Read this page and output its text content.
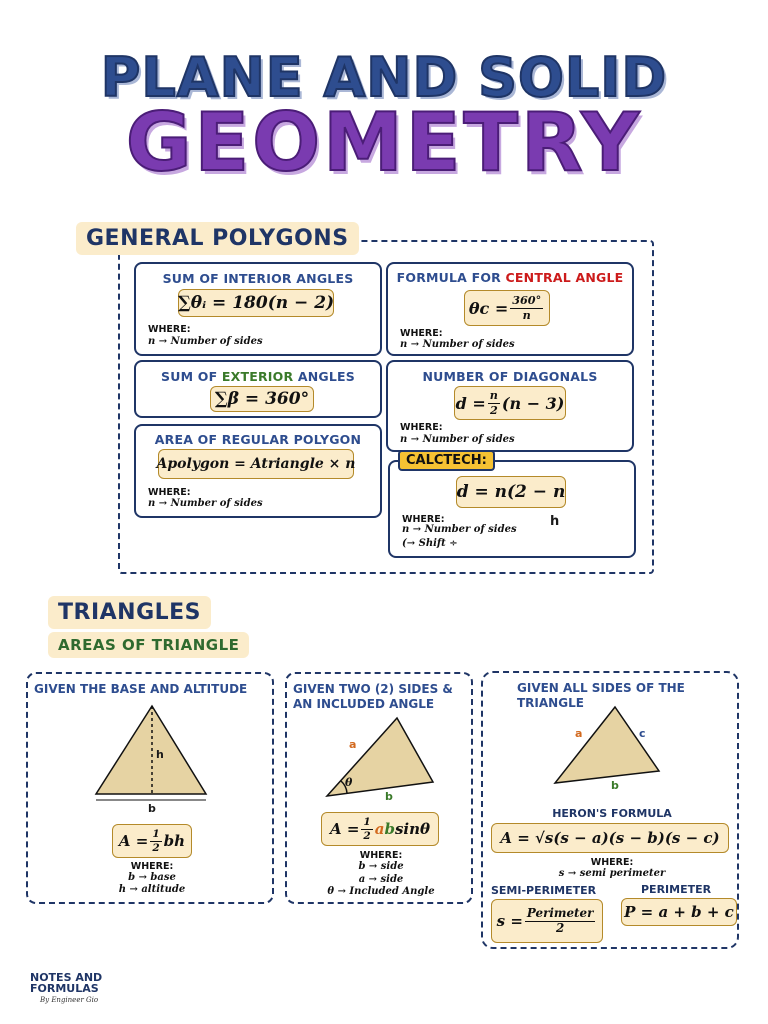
PLANE AND SOLID
GEOMETRY
GENERAL POLYGONS
SUM OF INTERIOR ANGLES
∑θᵢ = 180(n − 2)
WHERE:
n → Number of sides
FORMULA FOR CENTRAL ANGLE
$\theta c = \frac{360^\circ}{n}$
WHERE:
n → Number of sides
SUM OF EXTERIOR ANGLES
∑β = 360°
NUMBER OF DIAGONALS
$d = \frac{n}{2} (n - 3)$
WHERE:
n → Number of sides
AREA OF REGULAR POLYGON
Apolygon = Atriangle × n
WHERE:
n → Number of sides
d = n(2 − n
WHERE:
n → Number of sides
(→ Shift ÷
h
CALCTECH:
TRIANGLES
AREAS OF TRIANGLE
GIVEN THE BASE AND ALTITUDE
h
b
$A = \frac{1}{2}$ bh
WHERE:
b → base
h → altitude
GIVEN TWO (2) SIDES &
AN INCLUDED ANGLE
a
b
θ
$A = \frac{1}{2}$ a b sinθ
WHERE:
b → side
a → side
θ → Included Angle
GIVEN ALL SIDES OF THE
TRIANGLE
a
b
c
HERON'S FORMULA
A = √s(s − a)(s − b)(s − c)
WHERE:
s → semi perimeter
SEMI-PERIMETER	PERIMETER
$s = \frac{\text{Perimeter}}{2}$ P = a + b + c
NOTES AND
FORMULAS
By Engineer Gio
